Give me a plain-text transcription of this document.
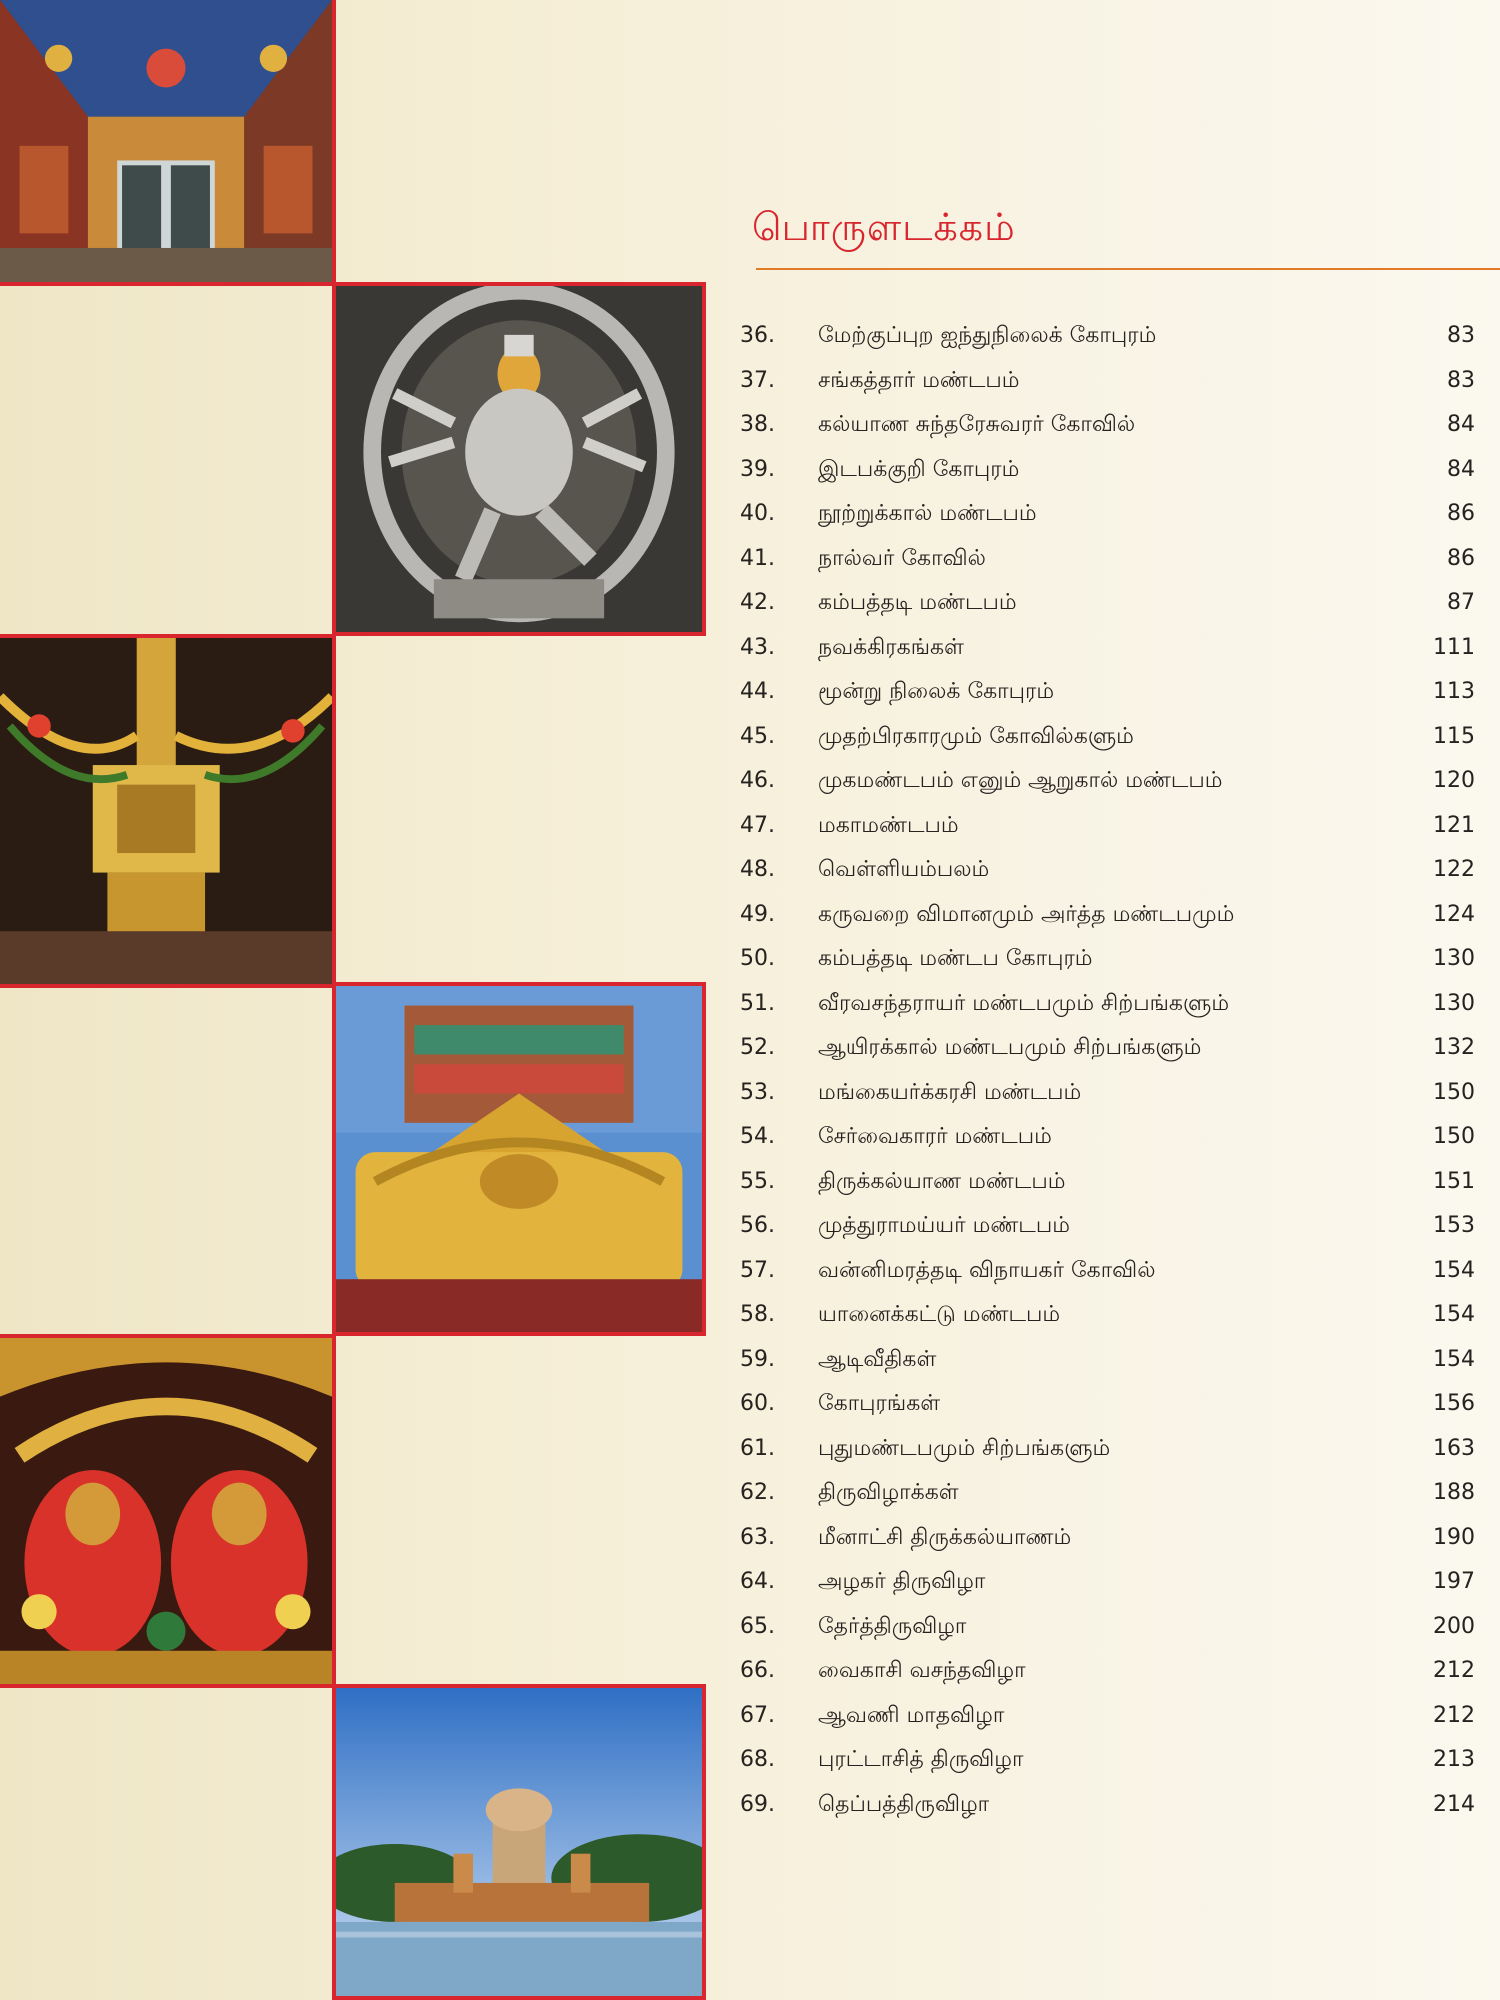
பொருளடக்கம்
36.	மேற்குப்புற ஐந்துநிலைக் கோபுரம்	83
37.	சங்கத்தார் மண்டபம்	83
38.	கல்யாண சுந்தரேசுவரர் கோவில்	84
39.	இடபக்குறி கோபுரம்	84
40.	நூற்றுக்கால் மண்டபம்	86
41.	நால்வர் கோவில்	86
42.	கம்பத்தடி மண்டபம்	87
43.	நவக்கிரகங்கள்	111
44.	மூன்று நிலைக் கோபுரம்	113
45.	முதற்பிரகாரமும் கோவில்களும்	115
46.	முகமண்டபம் எனும் ஆறுகால் மண்டபம்	120
47.	மகாமண்டபம்	121
48.	வெள்ளியம்பலம்	122
49.	கருவறை விமானமும் அர்த்த மண்டபமும்	124
50.	கம்பத்தடி மண்டப கோபுரம்	130
51.	வீரவசந்தராயர் மண்டபமும் சிற்பங்களும்	130
52.	ஆயிரக்கால் மண்டபமும் சிற்பங்களும்	132
53.	மங்கையர்க்கரசி மண்டபம்	150
54.	சேர்வைகாரர் மண்டபம்	150
55.	திருக்கல்யாண மண்டபம்	151
56.	முத்துராமய்யர் மண்டபம்	153
57.	வன்னிமரத்தடி விநாயகர் கோவில்	154
58.	யானைக்கட்டு மண்டபம்	154
59.	ஆடிவீதிகள்	154
60.	கோபுரங்கள்	156
61.	புதுமண்டபமும் சிற்பங்களும்	163
62.	திருவிழாக்கள்	188
63.	மீனாட்சி திருக்கல்யாணம்	190
64.	அழகர் திருவிழா	197
65.	தேர்த்திருவிழா	200
66.	வைகாசி வசந்தவிழா	212
67.	ஆவணி மாதவிழா	212
68.	புரட்டாசித் திருவிழா	213
69.	தெப்பத்திருவிழா	214
